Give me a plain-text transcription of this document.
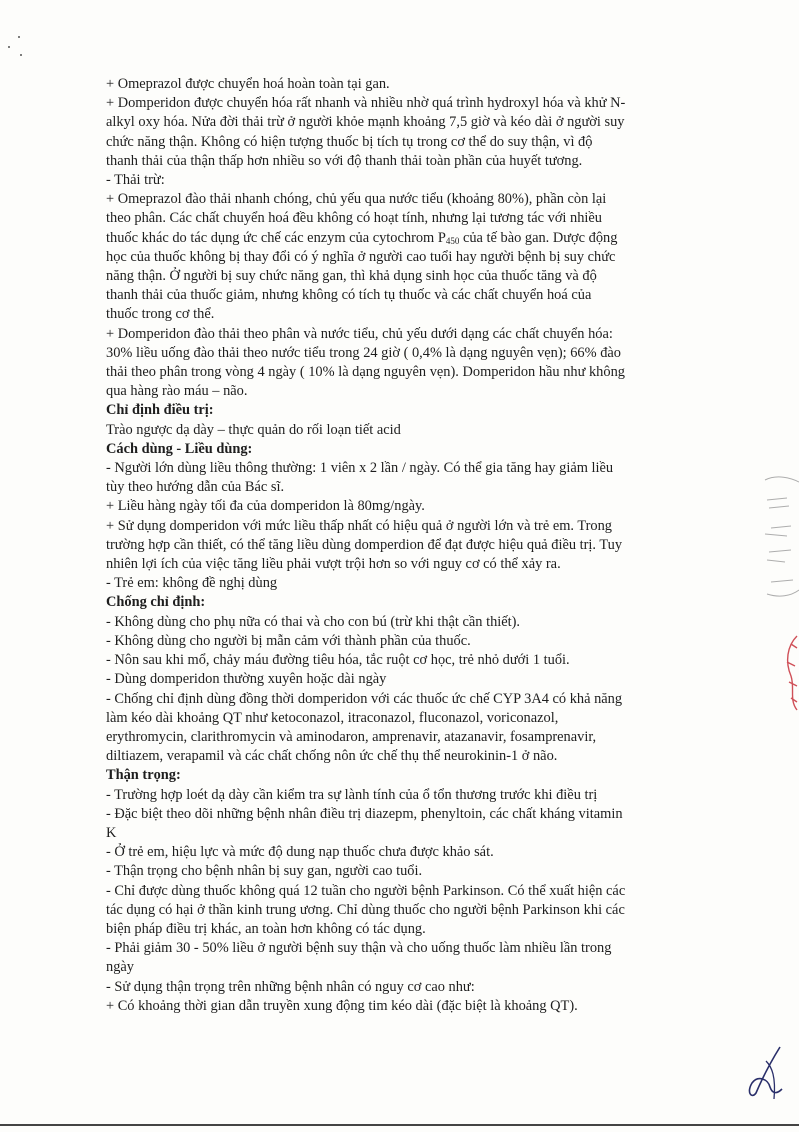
+ Omeprazol được chuyển hoá hoàn toàn tại gan.

+ Domperidon được chuyển hóa rất nhanh và nhiều nhờ quá trình hydroxyl hóa và khử N-

alkyl oxy hóa. Nửa đời thải trừ ở người khỏe mạnh khoảng 7,5 giờ và kéo dài ở người suy

chức năng thận. Không có hiện tượng thuốc bị tích tụ trong cơ thể do suy thận, vì độ

thanh thải của thận thấp hơn nhiều so với độ thanh thải toàn phần của huyết tương.

- Thải trừ:

+ Omeprazol đào thải nhanh chóng, chủ yếu qua nước tiểu (khoảng 80%), phần còn lại

theo phân. Các chất chuyển hoá đều không có hoạt tính, nhưng lại tương tác với nhiều

thuốc khác do tác dụng ức chế các enzym của cytochrom $P_{450}$ của tế bào gan. Dược động

học của thuốc không bị thay đổi có ý nghĩa ở người cao tuổi hay người bệnh bị suy chức

năng thận. Ở người bị suy chức năng gan, thì khả dụng sinh học của thuốc tăng và độ

thanh thải của thuốc giảm, nhưng không có tích tụ thuốc và các chất chuyển hoá của

thuốc trong cơ thể.

+ Domperidon đào thải theo phân và nước tiểu, chủ yếu dưới dạng các chất chuyển hóa:

30% liều uống đào thải theo nước tiểu trong 24 giờ ( 0,4% là dạng nguyên vẹn); 66% đào

thải theo phân trong vòng 4 ngày ( 10% là dạng nguyên vẹn). Domperidon hầu như không

qua hàng rào máu – não.

Chỉ định điều trị:

Trào ngược dạ dày – thực quản do rối loạn tiết acid

Cách dùng - Liều dùng:

- Người lớn dùng liều thông thường: 1 viên x 2 lần / ngày. Có thể gia tăng hay giảm liều

tùy theo hướng dẫn của Bác sĩ.

+ Liều hàng ngày tối đa của domperidon là 80mg/ngày.

+ Sử dụng domperidon với mức liều thấp nhất có hiệu quả ở người lớn và trẻ em. Trong

trường hợp cần thiết, có thể tăng liều dùng domperdion để đạt được hiệu quả điều trị. Tuy

nhiên lợi ích của việc tăng liều phải vượt trội hơn so với nguy cơ có thể xảy ra.

- Trẻ em: không đề nghị dùng

Chống chỉ định:

- Không dùng cho phụ nữa có thai và cho con bú (trừ khi thật cần thiết).

- Không dùng cho người bị mẫn cảm với thành phần của thuốc.

- Nôn sau khi mổ, chảy máu đường tiêu hóa, tắc ruột cơ học, trẻ nhỏ dưới 1 tuổi.

- Dùng domperidon thường xuyên hoặc dài ngày

- Chống chỉ định dùng đồng thời domperidon với các thuốc ức chế CYP 3A4 có khả năng

làm kéo dài khoảng QT như ketoconazol, itraconazol, fluconazol, voriconazol,

erythromycin, clarithromycin và aminodaron, amprenavir, atazanavir, fosamprenavir,

diltiazem, verapamil và các chất chống nôn ức chế thụ thể neurokinin-1 ở não.

Thận trọng:

- Trường hợp loét dạ dày cần kiểm tra sự lành tính của ổ tổn thương trước khi điều trị

- Đặc biệt theo dõi những bệnh nhân điều trị diazepm, phenyltoin, các chất kháng vitamin

K

- Ở trẻ em, hiệu lực và mức độ dung nạp thuốc chưa được khảo sát.

- Thận trọng cho bệnh nhân bị suy gan, người cao tuổi.

- Chỉ được dùng thuốc không quá 12 tuần cho người bệnh Parkinson. Có thể xuất hiện các

tác dụng có hại ở thần kinh trung ương. Chỉ dùng thuốc cho người bệnh Parkinson khi các

biện pháp điều trị khác, an toàn hơn không có tác dụng.

- Phải giảm 30 - 50% liều ở người bệnh suy thận và cho uống thuốc làm nhiều lần trong

ngày

- Sử dụng thận trọng trên những bệnh nhân có nguy cơ cao như:

+ Có khoảng thời gian dẫn truyền xung động tim kéo dài (đặc biệt là khoảng QT).
